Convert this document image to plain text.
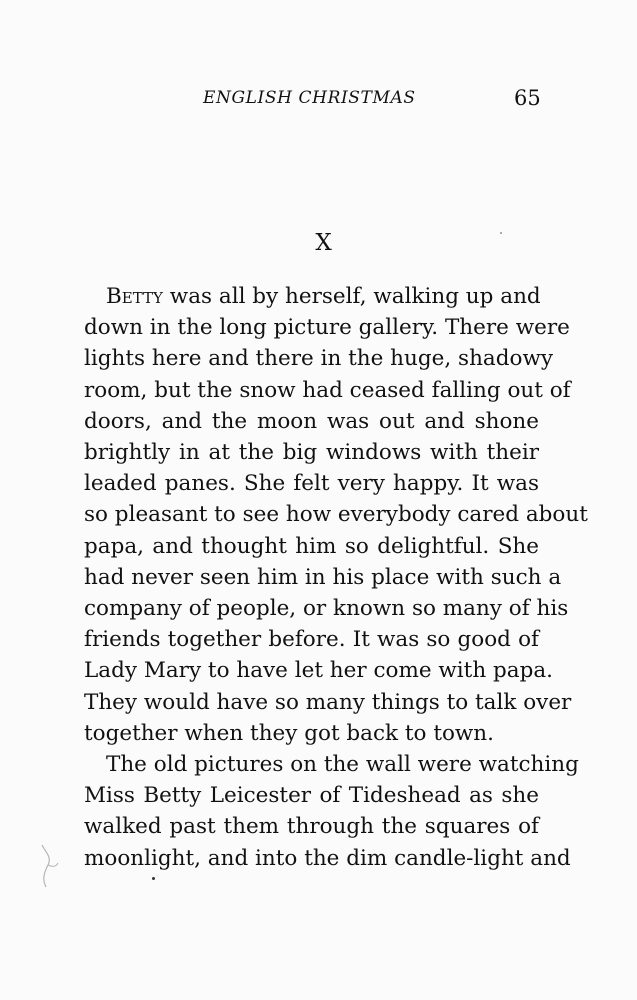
ENGLISH CHRISTMAS	65
X
Betty was all by herself, walking up and
down in the long picture gallery. There were
lights here and there in the huge, shadowy
room, but the snow had ceased falling out of
doors, and the moon was out and shone
brightly in at the big windows with their
leaded panes. She felt very happy. It was
so pleasant to see how everybody cared about
papa, and thought him so delightful. She
had never seen him in his place with such a
company of people, or known so many of his
friends together before. It was so good of
Lady Mary to have let her come with papa.
They would have so many things to talk over
together when they got back to town.
The old pictures on the wall were watching
Miss Betty Leicester of Tideshead as she
walked past them through the squares of
moonlight, and into the dim candle-light and
